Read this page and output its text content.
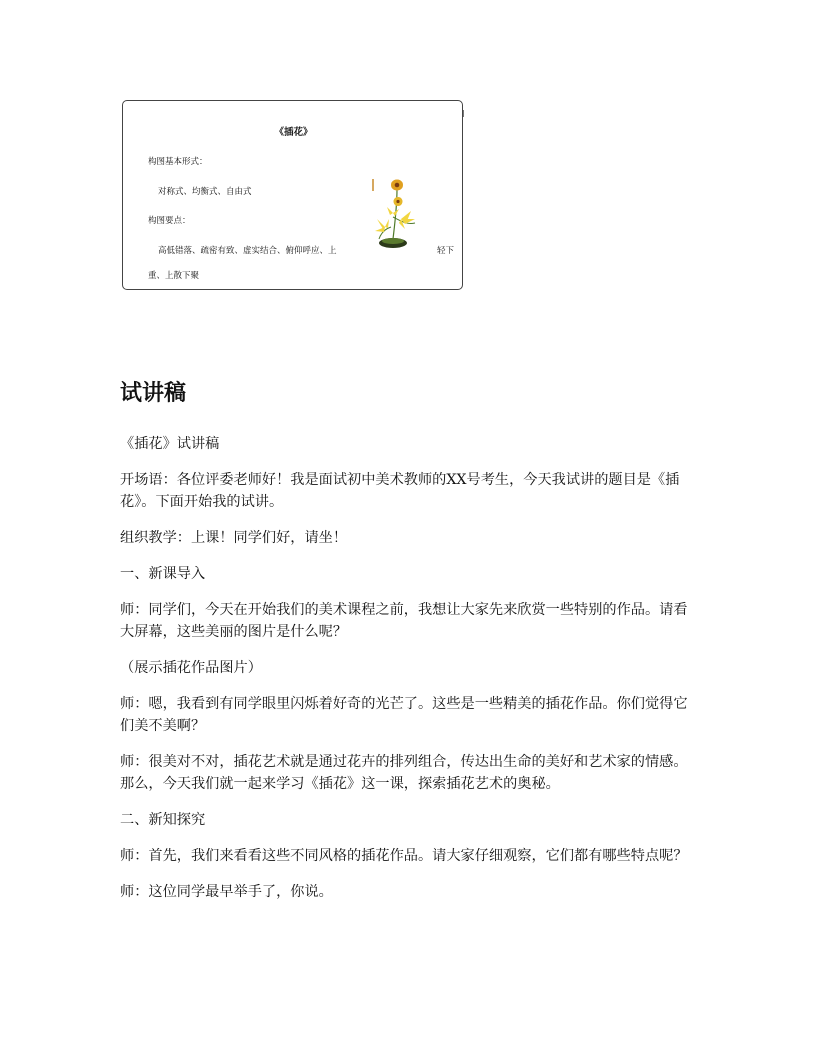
《插花》
构图基本形式：
对称式、均衡式、自由式
构图要点：
高低错落、疏密有致、虚实结合、俯仰呼应、上	轻下
重、上散下聚
试讲稿

《插花》试讲稿

开场语：各位评委老师好！我是面试初中美术教师的XX号考生，今天我试讲的题目是《插花》。下面开始我的试讲。

组织教学：上课！同学们好，请坐！

一、新课导入

师：同学们，今天在开始我们的美术课程之前，我想让大家先来欣赏一些特别的作品。请看大屏幕，这些美丽的图片是什么呢？

（展示插花作品图片）

师：嗯，我看到有同学眼里闪烁着好奇的光芒了。这些是一些精美的插花作品。你们觉得它们美不美啊？

师：很美对不对，插花艺术就是通过花卉的排列组合，传达出生命的美好和艺术家的情感。那么，今天我们就一起来学习《插花》这一课，探索插花艺术的奥秘。

二、新知探究

师：首先，我们来看看这些不同风格的插花作品。请大家仔细观察，它们都有哪些特点呢？

师：这位同学最早举手了，你说。
